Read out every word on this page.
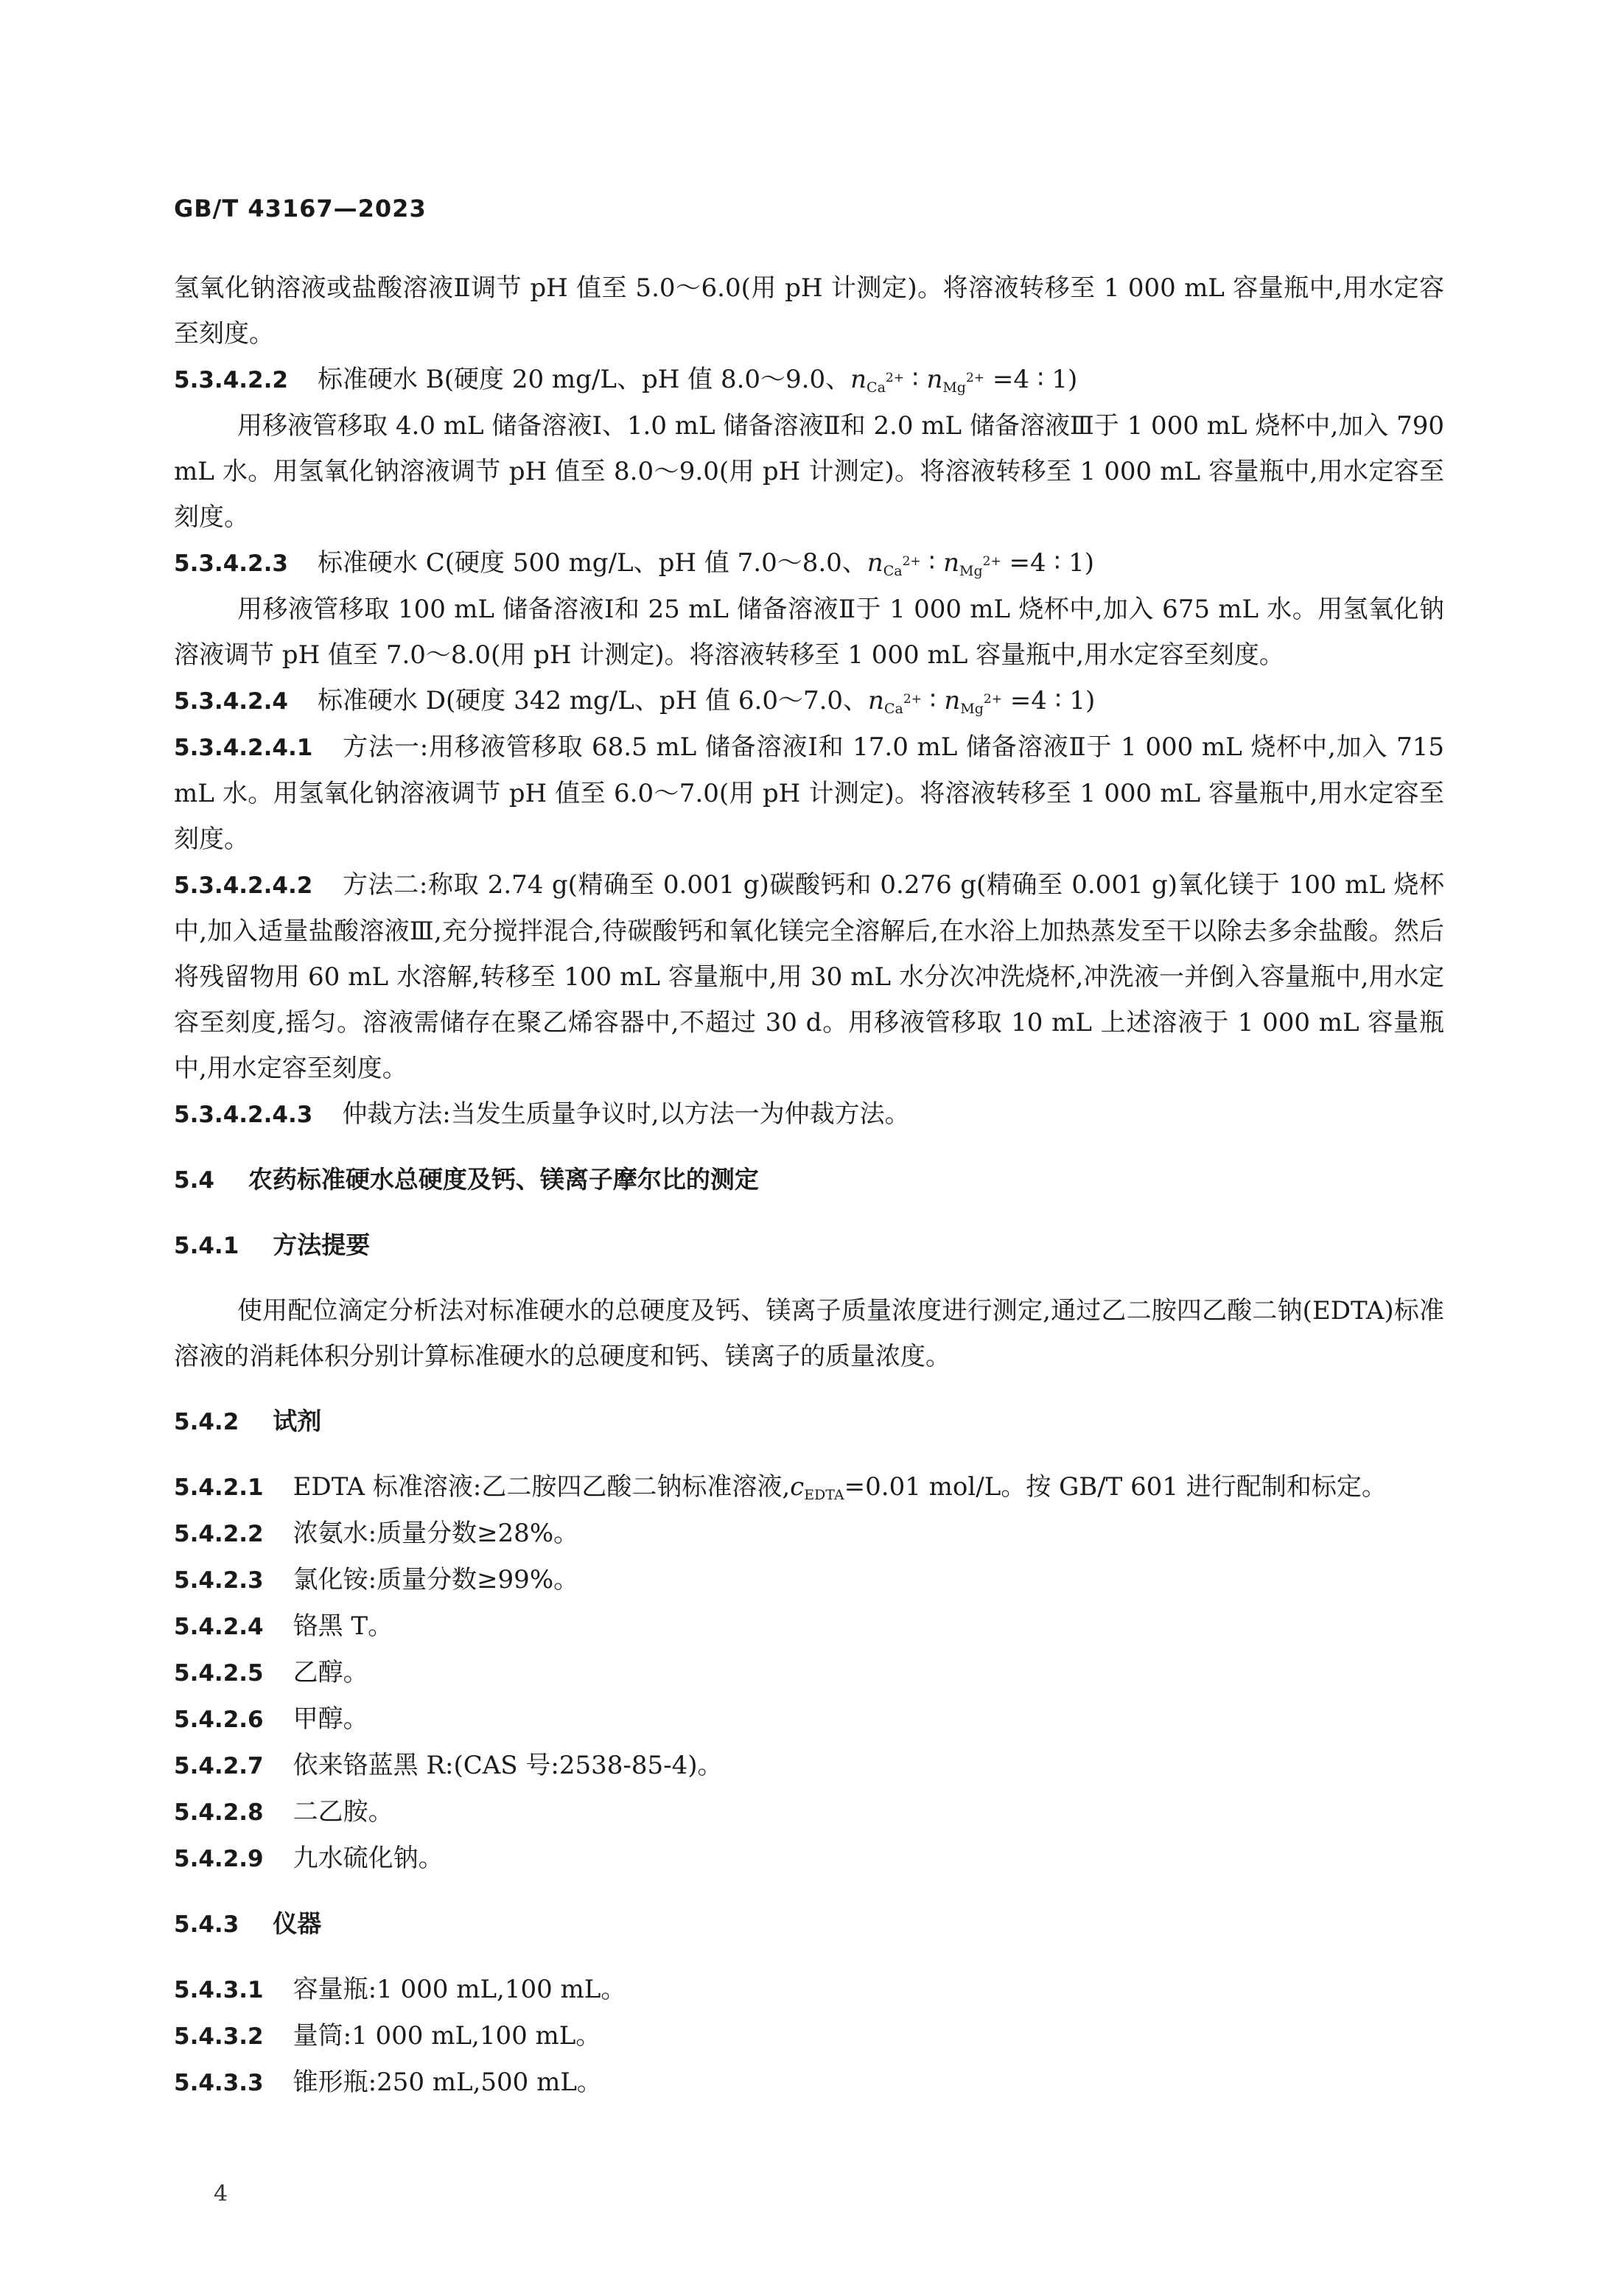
GB/T 43167—2023

氢氧化钠溶液或盐酸溶液Ⅱ调节 pH 值至 5.0～6.0(用 pH 计测定)。将溶液转移至 1 000 mL 容量瓶中,用水定容至刻度。

5.3.4.2.2 标准硬水 B(硬度 20 mg/L、pH 值 8.0～9.0、$n_{Ca^{2+}}$ ∶ $n_{Mg^{2+}} =4$ ∶ 1)

用移液管移取 4.0 mL 储备溶液Ⅰ、1.0 mL 储备溶液Ⅱ和 2.0 mL 储备溶液Ⅲ于 1 000 mL 烧杯中,加入 790 mL 水。用氢氧化钠溶液调节 pH 值至 8.0～9.0(用 pH 计测定)。将溶液转移至 1 000 mL 容量瓶中,用水定容至刻度。

5.3.4.2.3 标准硬水 C(硬度 500 mg/L、pH 值 7.0～8.0、$n_{Ca^{2+}}$ ∶ $n_{Mg^{2+}} =4$ ∶ 1)

用移液管移取 100 mL 储备溶液Ⅰ和 25 mL 储备溶液Ⅱ于 1 000 mL 烧杯中,加入 675 mL 水。用氢氧化钠溶液调节 pH 值至 7.0～8.0(用 pH 计测定)。将溶液转移至 1 000 mL 容量瓶中,用水定容至刻度。

5.3.4.2.4 标准硬水 D(硬度 342 mg/L、pH 值 6.0～7.0、$n_{Ca^{2+}}$ ∶ $n_{Mg^{2+}} =4$ ∶ 1)

5.3.4.2.4.1 方法一:用移液管移取 68.5 mL 储备溶液Ⅰ和 17.0 mL 储备溶液Ⅱ于 1 000 mL 烧杯中,加入 715 mL 水。用氢氧化钠溶液调节 pH 值至 6.0～7.0(用 pH 计测定)。将溶液转移至 1 000 mL 容量瓶中,用水定容至刻度。

5.3.4.2.4.2 方法二:称取 2.74 g(精确至 0.001 g)碳酸钙和 0.276 g(精确至 0.001 g)氧化镁于 100 mL 烧杯中,加入适量盐酸溶液Ⅲ,充分搅拌混合,待碳酸钙和氧化镁完全溶解后,在水浴上加热蒸发至干以除去多余盐酸。然后将残留物用 60 mL 水溶解,转移至 100 mL 容量瓶中,用 30 mL 水分次冲洗烧杯,冲洗液一并倒入容量瓶中,用水定容至刻度,摇匀。溶液需储存在聚乙烯容器中,不超过 30 d。用移液管移取 10 mL 上述溶液于 1 000 mL 容量瓶中,用水定容至刻度。

5.3.4.2.4.3 仲裁方法:当发生质量争议时,以方法一为仲裁方法。

5.4 农药标准硬水总硬度及钙、镁离子摩尔比的测定

5.4.1 方法提要

使用配位滴定分析法对标准硬水的总硬度及钙、镁离子质量浓度进行测定,通过乙二胺四乙酸二钠(EDTA)标准溶液的消耗体积分别计算标准硬水的总硬度和钙、镁离子的质量浓度。

5.4.2 试剂

5.4.2.1 EDTA 标准溶液:乙二胺四乙酸二钠标准溶液$,c_{EDTA}=0.01$ mol/L。按 GB/T 601 进行配制和标定。

5.4.2.2 浓氨水:质量分数≥28%。

5.4.2.3 氯化铵:质量分数≥99%。

5.4.2.4 铬黑 T。

5.4.2.5 乙醇。

5.4.2.6 甲醇。

5.4.2.7 依来铬蓝黑 R:(CAS 号:2538-85-4)。

5.4.2.8 二乙胺。

5.4.2.9 九水硫化钠。

5.4.3 仪器

5.4.3.1 容量瓶:1 000 mL,100 mL。

5.4.3.2 量筒:1 000 mL,100 mL。

5.4.3.3 锥形瓶:250 mL,500 mL。

4
